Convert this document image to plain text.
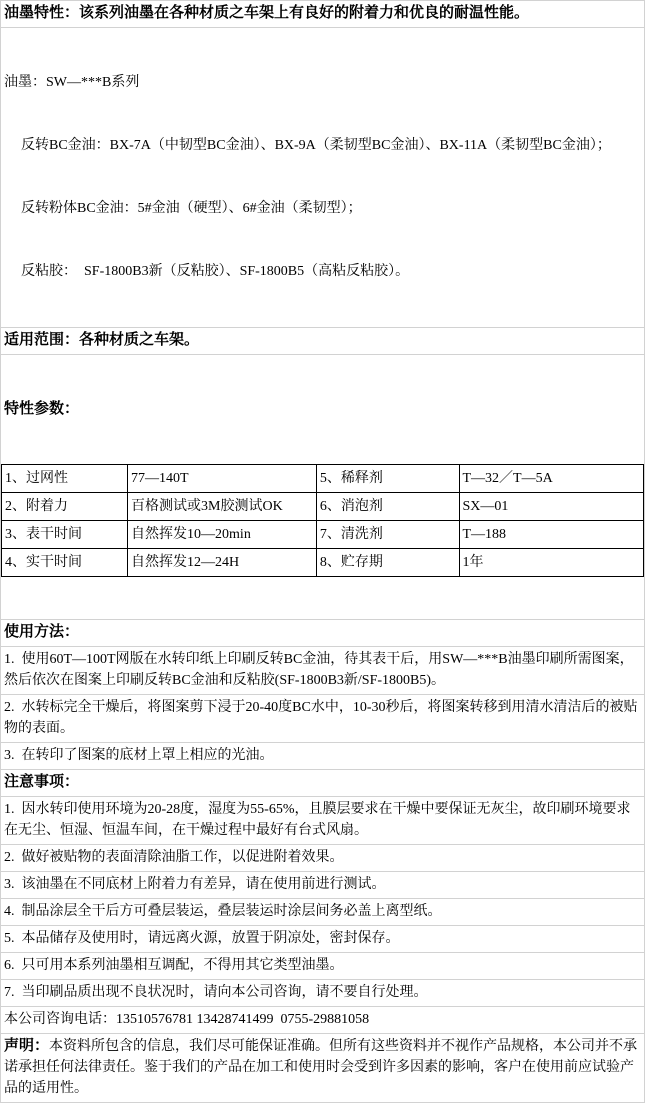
油墨特性：该系列油墨在各种材质之车架上有良好的附着力和优良的耐温性能。

油墨：SW—***B系列

反转BC金油：BX-7A（中韧型BC金油）、BX-9A（柔韧型BC金油）、BX-11A（柔韧型BC金油）；

反转粉体BC金油：5#金油（硬型）、6#金油（柔韧型）；

反粘胶：  SF-1800B3新（反粘胶）、SF-1800B5（高粘反粘胶）。

适用范围：各种材质之车架。

特性参数：

1、过网性	77—140T	5、稀释剂	T—32／T—5A
2、附着力	百格测试或3M胶测试OK	6、消泡剂	SX—01
3、表干时间	自然挥发10—20min	7、清洗剂	T—188
4、实干时间	自然挥发12—24H	8、贮存期	1年

使用方法：
1.  使用60T—100T网版在水转印纸上印刷反转BC金油，待其表干后，用SW—***B油墨印刷所需图案，然后依次在图案上印刷反转BC金油和反粘胶(SF-1800B3新/SF-1800B5)。
2.  水转标完全干燥后，将图案剪下浸于20-40度BC水中，10-30秒后，将图案转移到用清水清洁后的被贴物的表面。
3.  在转印了图案的底材上罩上相应的光油。
注意事项：
1.  因水转印使用环境为20-28度，湿度为55-65%，且膜层要求在干燥中要保证无灰尘，故印刷环境要求在无尘、恒湿、恒温车间，在干燥过程中最好有台式风扇。
2.  做好被贴物的表面清除油脂工作，以促进附着效果。
3.  该油墨在不同底材上附着力有差异，请在使用前进行测试。
4.  制品涂层全干后方可叠层装运，叠层装运时涂层间务必盖上离型纸。
5.  本品储存及使用时，请远离火源，放置于阴凉处，密封保存。
6.  只可用本系列油墨相互调配，不得用其它类型油墨。
7.  当印刷品质出现不良状况时，请向本公司咨询，请不要自行处理。
本公司咨询电话：13510576781 13428741499  0755-29881058
声明：本资料所包含的信息，我们尽可能保证准确。但所有这些资料并不视作产品规格，本公司并不承诺承担任何法律责任。鉴于我们的产品在加工和使用时会受到许多因素的影响，客户在使用前应试验产品的适用性。
